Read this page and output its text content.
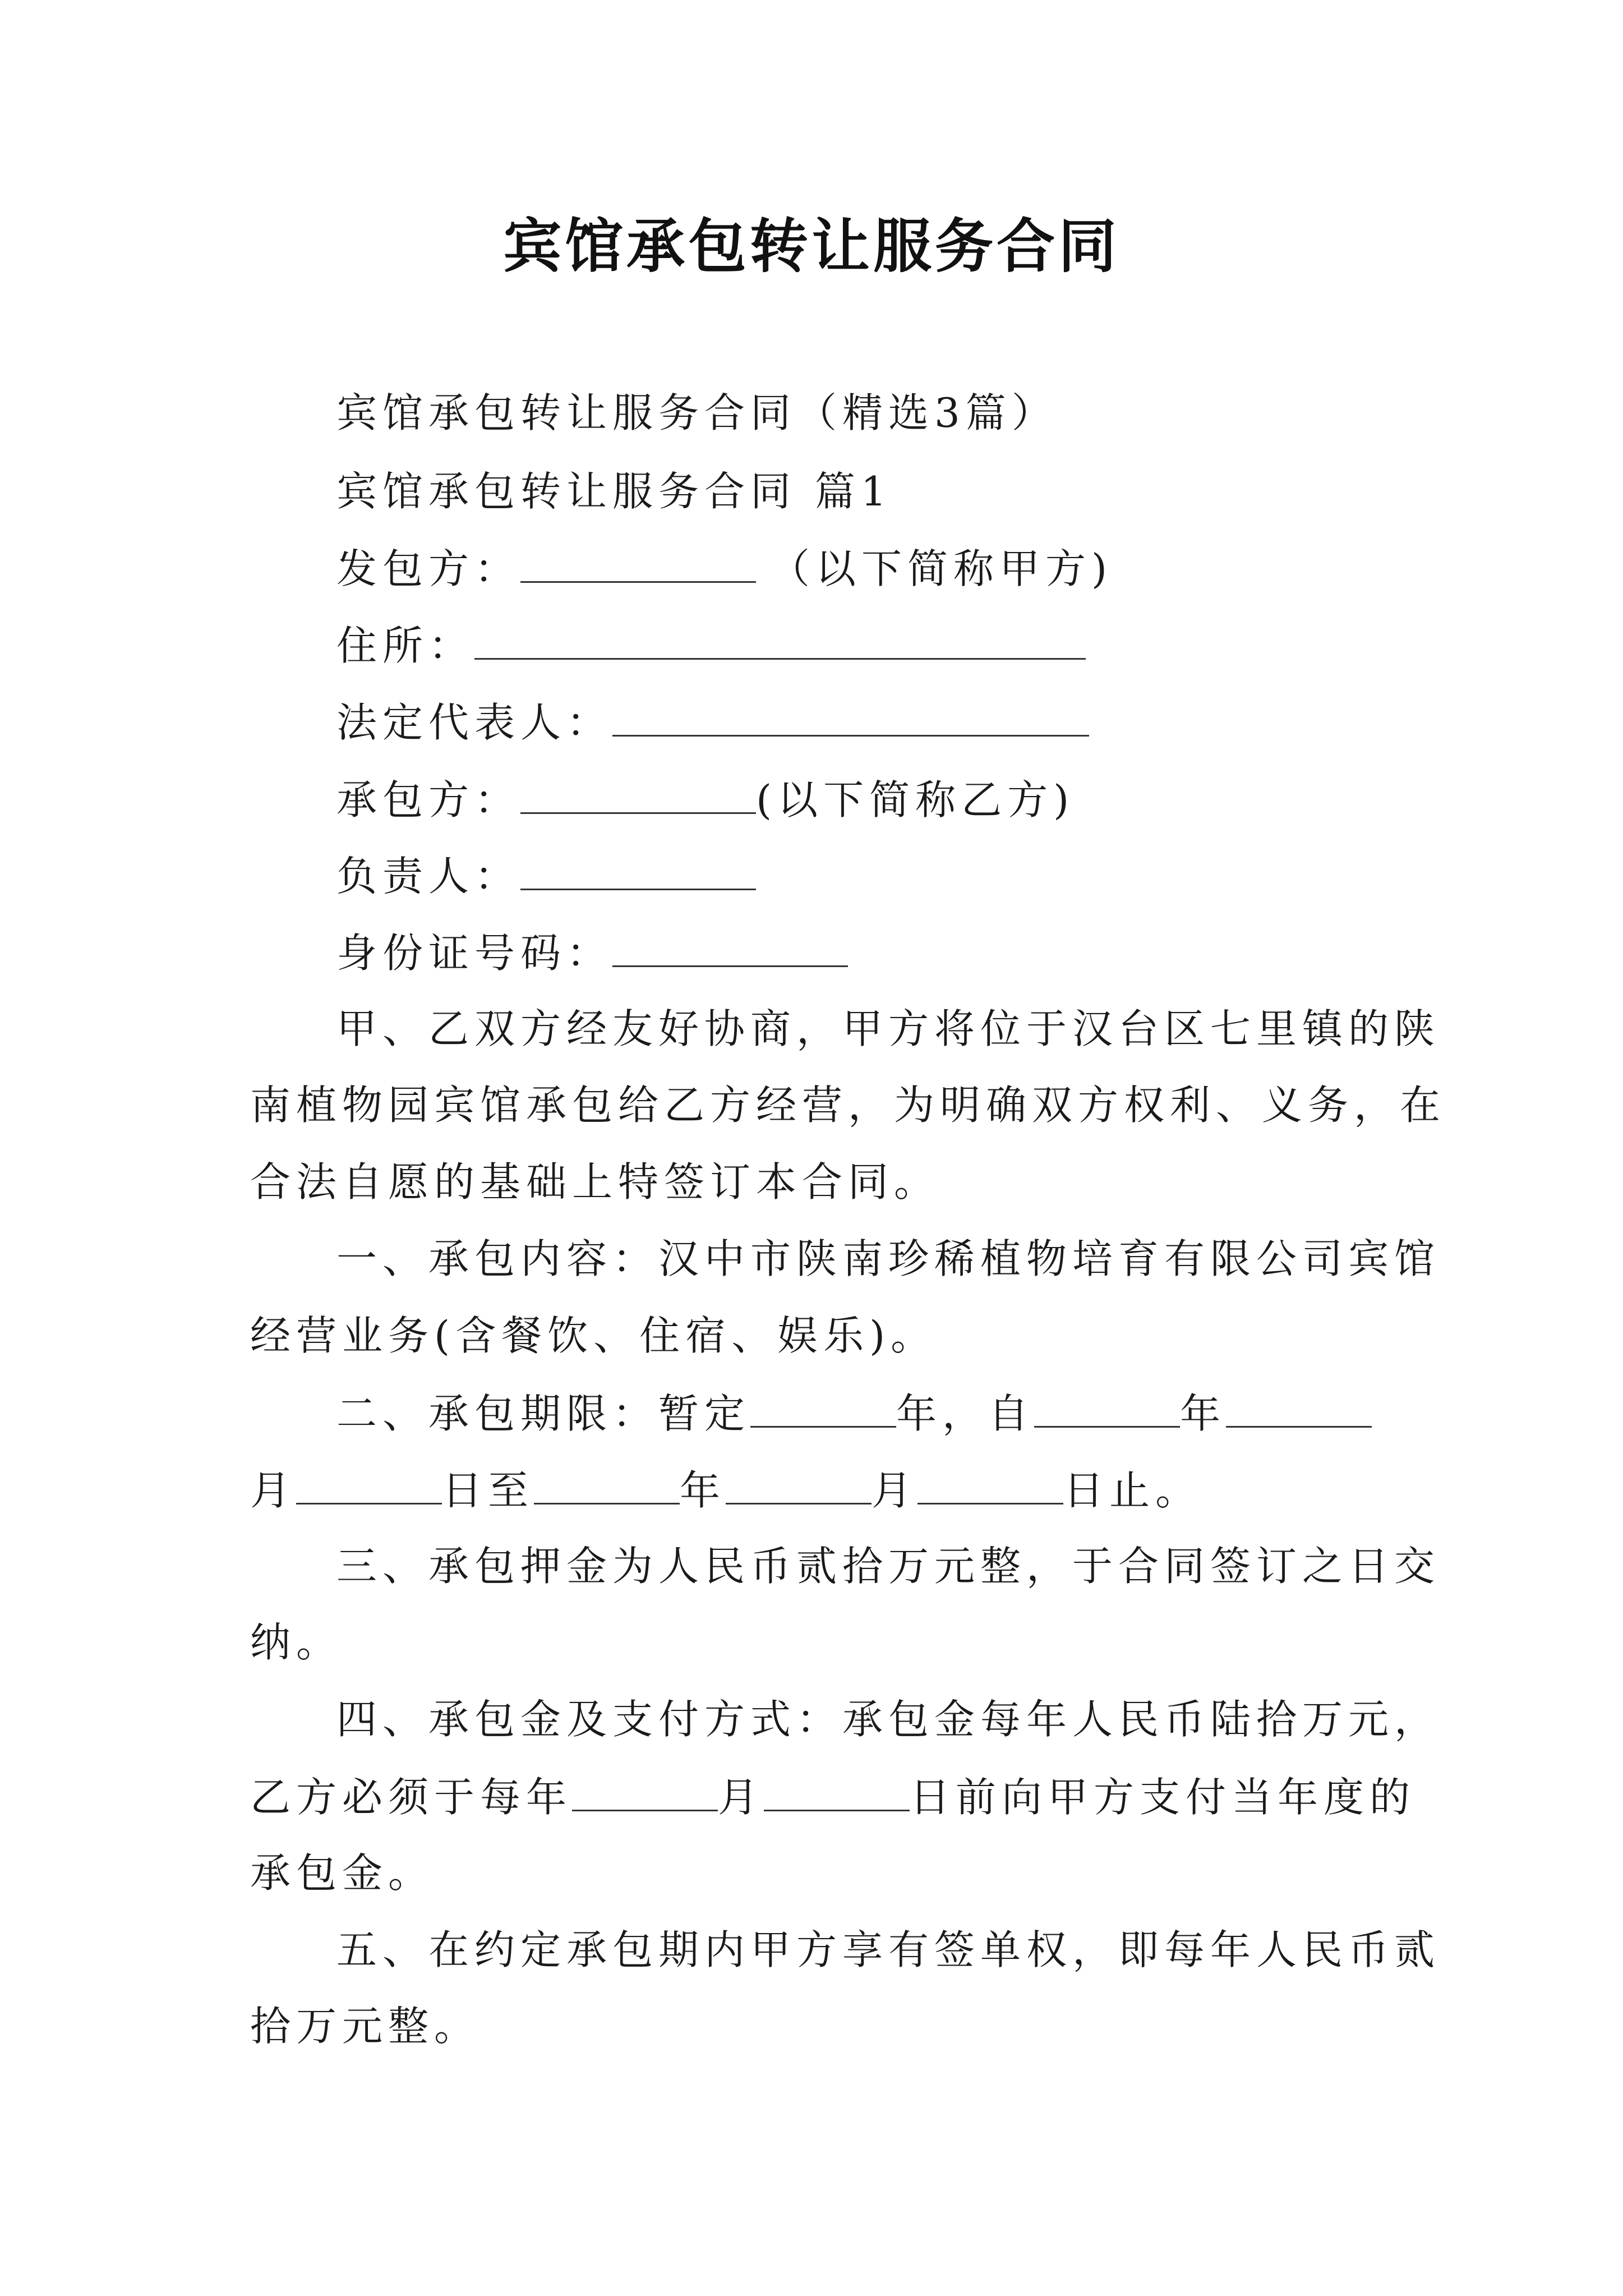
宾馆承包转让服务合同
宾馆承包转让服务合同（精选3篇）
宾馆承包转让服务合同 篇1
发包方：	（以下简称甲方)
住所：
法定代表人：
承包方：	(以下简称乙方)
负责人：
身份证号码：
甲、乙双方经友好协商，甲方将位于汉台区七里镇的陕
南植物园宾馆承包给乙方经营，为明确双方权利、义务，在
合法自愿的基础上特签订本合同。
一、承包内容：汉中市陕南珍稀植物培育有限公司宾馆
经营业务(含餐饮、住宿、娱乐)。
二、承包期限：暂定	年，自	年
月	日至	年	月	日止。
三、承包押金为人民币贰拾万元整，于合同签订之日交
纳。
四、承包金及支付方式：承包金每年人民币陆拾万元，
乙方必须于每年	月	日前向甲方支付当年度的
承包金。
五、在约定承包期内甲方享有签单权，即每年人民币贰
拾万元整。
